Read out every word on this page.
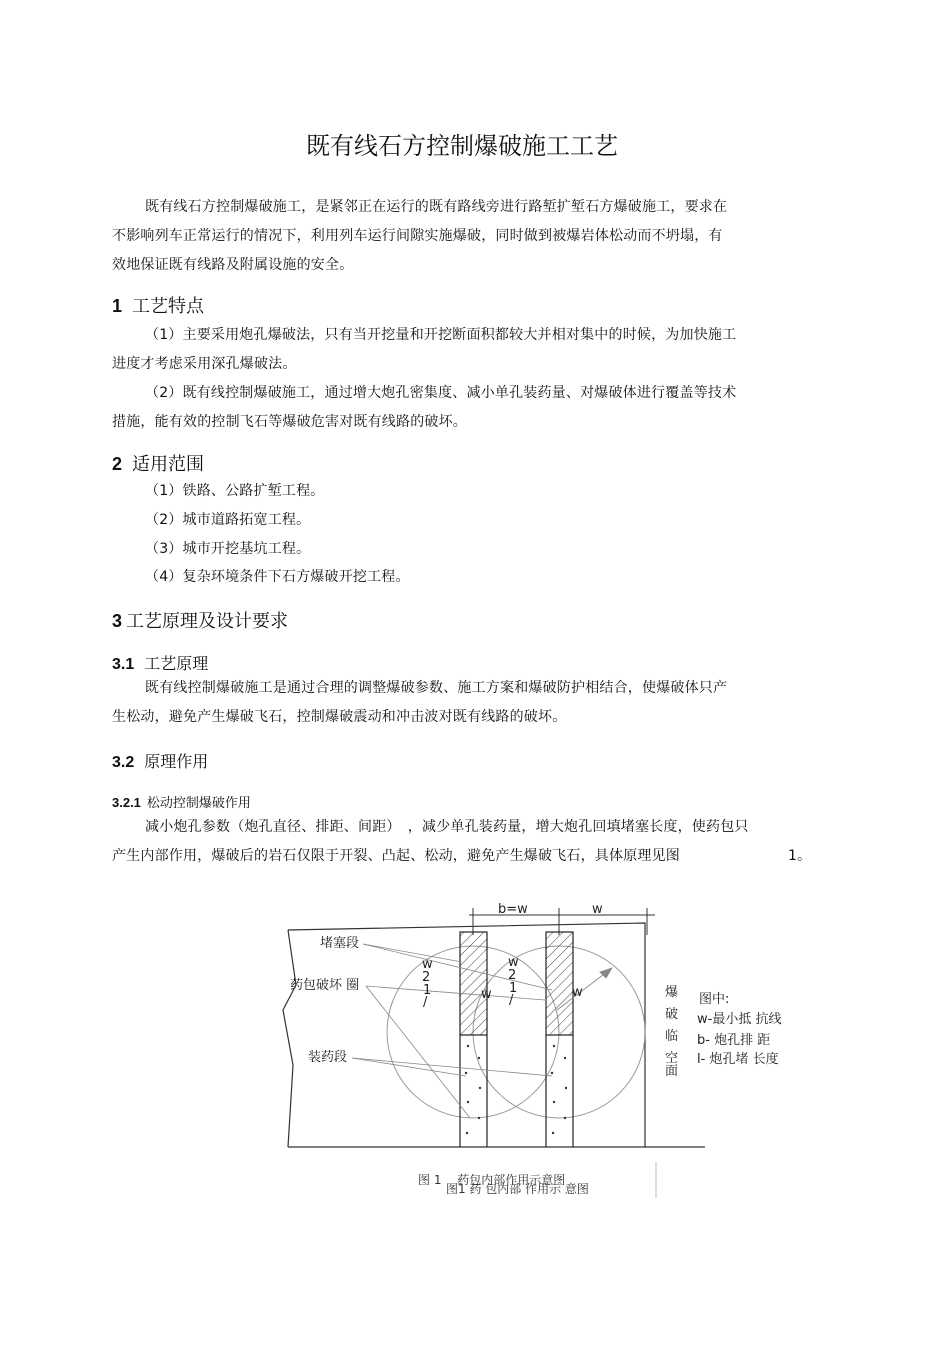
既有线石方控制爆破施工工艺

既有线石方控制爆破施工，是紧邻正在运行的既有路线旁进行路堑扩堑石方爆破施工，要求在

不影响列车正常运行的情况下，利用列车运行间隙实施爆破，同时做到被爆岩体松动而不坍塌，有

效地保证既有线路及附属设施的安全。

1 工艺特点

（1）主要采用炮孔爆破法，只有当开挖量和开挖断面积都较大并相对集中的时候，为加快施工

进度才考虑采用深孔爆破法。

（2）既有线控制爆破施工，通过增大炮孔密集度、减小单孔装药量、对爆破体进行覆盖等技术

措施，能有效的控制飞石等爆破危害对既有线路的破坏。

2 适用范围

（1）铁路、公路扩堑工程。

（2）城市道路拓宽工程。

（3）城市开挖基坑工程。

（4）复杂环境条件下石方爆破开挖工程。

3 工艺原理及设计要求
3.1 工艺原理

既有线控制爆破施工是通过合理的调整爆破参数、施工方案和爆破防护相结合，使爆破体只产

生松动，避免产生爆破飞石，控制爆破震动和冲击波对既有线路的破坏。

3.2 原理作用
3.2.1 松动控制爆破作用

减小炮孔参数（炮孔直径、排距、间距）　，减少单孔装药量，增大炮孔回填堵塞长度，使药包只

产生内部作用，爆破后的岩石仅限于开裂、凸起、松动，避免产生爆破飞石，具体原理见图	1。

b=w	w
堵塞段
药包破坏 圈
装药段
w
2
1
/
w
w
2
1
/
w	爆
破
临
空
面
图中:
w-最小抵 抗线
b- 炮孔排 距
l- 炮孔堵 长度
图 1　 药包内部作用示意图
图1 药 包内部 作用示 意图
